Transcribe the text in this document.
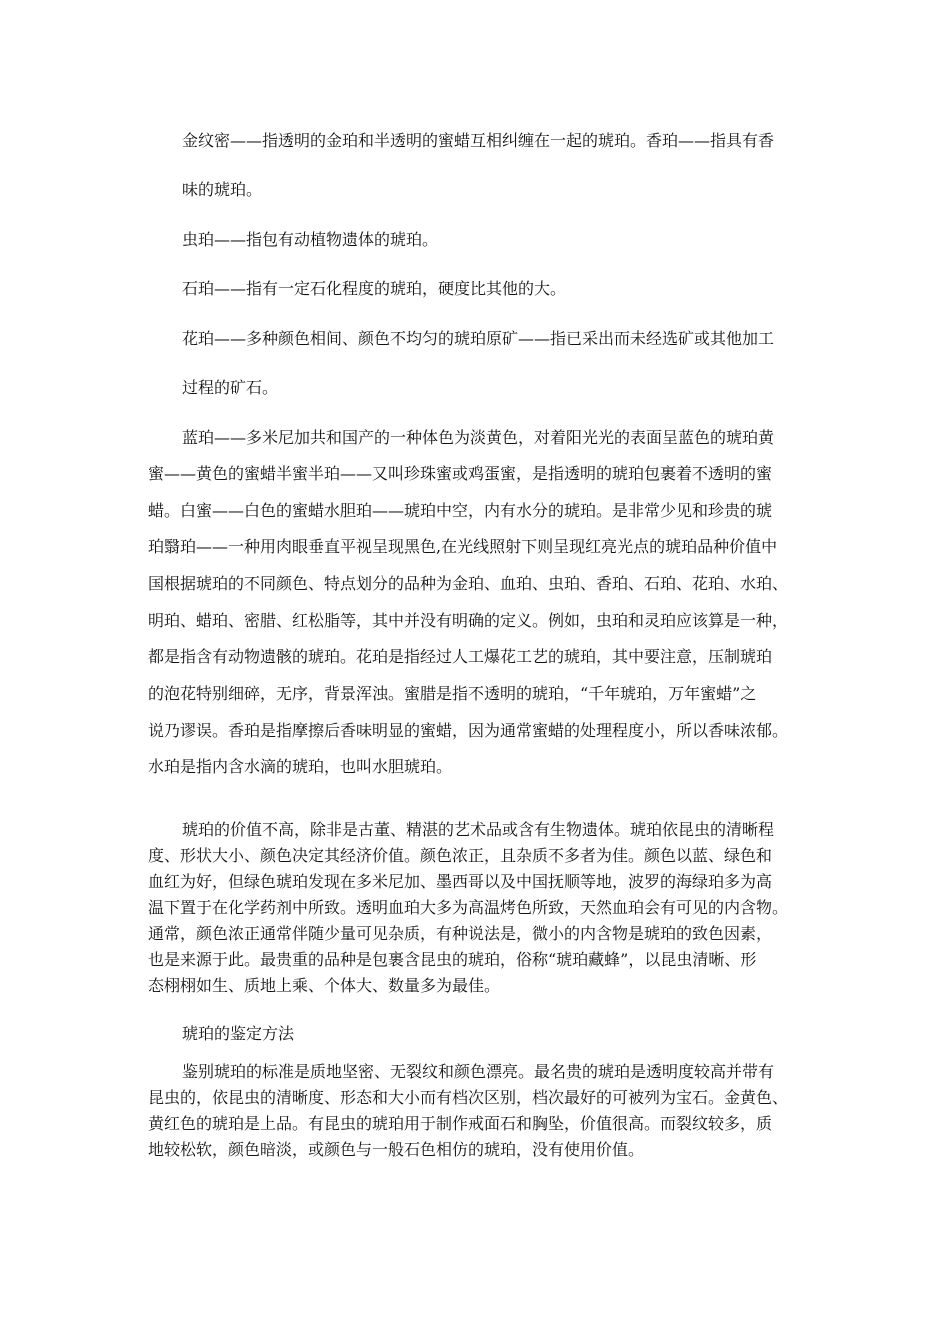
金纹密——指透明的金珀和半透明的蜜蜡互相纠缠在一起的琥珀。香珀——指具有香
味的琥珀。
虫珀——指包有动植物遗体的琥珀。
石珀——指有一定石化程度的琥珀，硬度比其他的大。
花珀——多种颜色相间、颜色不均匀的琥珀原矿——指已采出而未经选矿或其他加工
过程的矿石。
蓝珀——多米尼加共和国产的一种体色为淡黄色，对着阳光光的表面呈蓝色的琥珀黄
蜜——黄色的蜜蜡半蜜半珀——又叫珍珠蜜或鸡蛋蜜，是指透明的琥珀包裹着不透明的蜜
蜡。白蜜——白色的蜜蜡水胆珀——琥珀中空，内有水分的琥珀。是非常少见和珍贵的琥
珀翳珀——一种用肉眼垂直平视呈现黑色,在光线照射下则呈现红亮光点的琥珀品种价值中
国根据琥珀的不同颜色、特点划分的品种为金珀、血珀、虫珀、香珀、石珀、花珀、水珀、
明珀、蜡珀、密腊、红松脂等，其中并没有明确的定义。例如，虫珀和灵珀应该算是一种，
都是指含有动物遗骸的琥珀。花珀是指经过人工爆花工艺的琥珀，其中要注意，压制琥珀
的泡花特别细碎，无序，背景浑浊。蜜腊是指不透明的琥珀，“千年琥珀，万年蜜蜡”之
说乃谬误。香珀是指摩擦后香味明显的蜜蜡，因为通常蜜蜡的处理程度小，所以香味浓郁。
水珀是指内含水滴的琥珀，也叫水胆琥珀。
琥珀的价值不高，除非是古董、精湛的艺术品或含有生物遗体。琥珀依昆虫的清晰程
度、形状大小、颜色决定其经济价值。颜色浓正，且杂质不多者为佳。颜色以蓝、绿色和
血红为好，但绿色琥珀发现在多米尼加、墨西哥以及中国抚顺等地，波罗的海绿珀多为高
温下置于在化学药剂中所致。透明血珀大多为高温烤色所致，天然血珀会有可见的内含物。
通常，颜色浓正通常伴随少量可见杂质，有种说法是，微小的内含物是琥珀的致色因素，
也是来源于此。最贵重的品种是包裹含昆虫的琥珀，俗称“琥珀藏蜂”，以昆虫清晰、形
态栩栩如生、质地上乘、个体大、数量多为最佳。
琥珀的鉴定方法
鉴别琥珀的标准是质地坚密、无裂纹和颜色漂亮。最名贵的琥珀是透明度较高并带有
昆虫的，依昆虫的清晰度、形态和大小而有档次区别，档次最好的可被列为宝石。金黄色、
黄红色的琥珀是上品。有昆虫的琥珀用于制作戒面石和胸坠，价值很高。而裂纹较多，质
地较松软，颜色暗淡，或颜色与一般石色相仿的琥珀，没有使用价值。
